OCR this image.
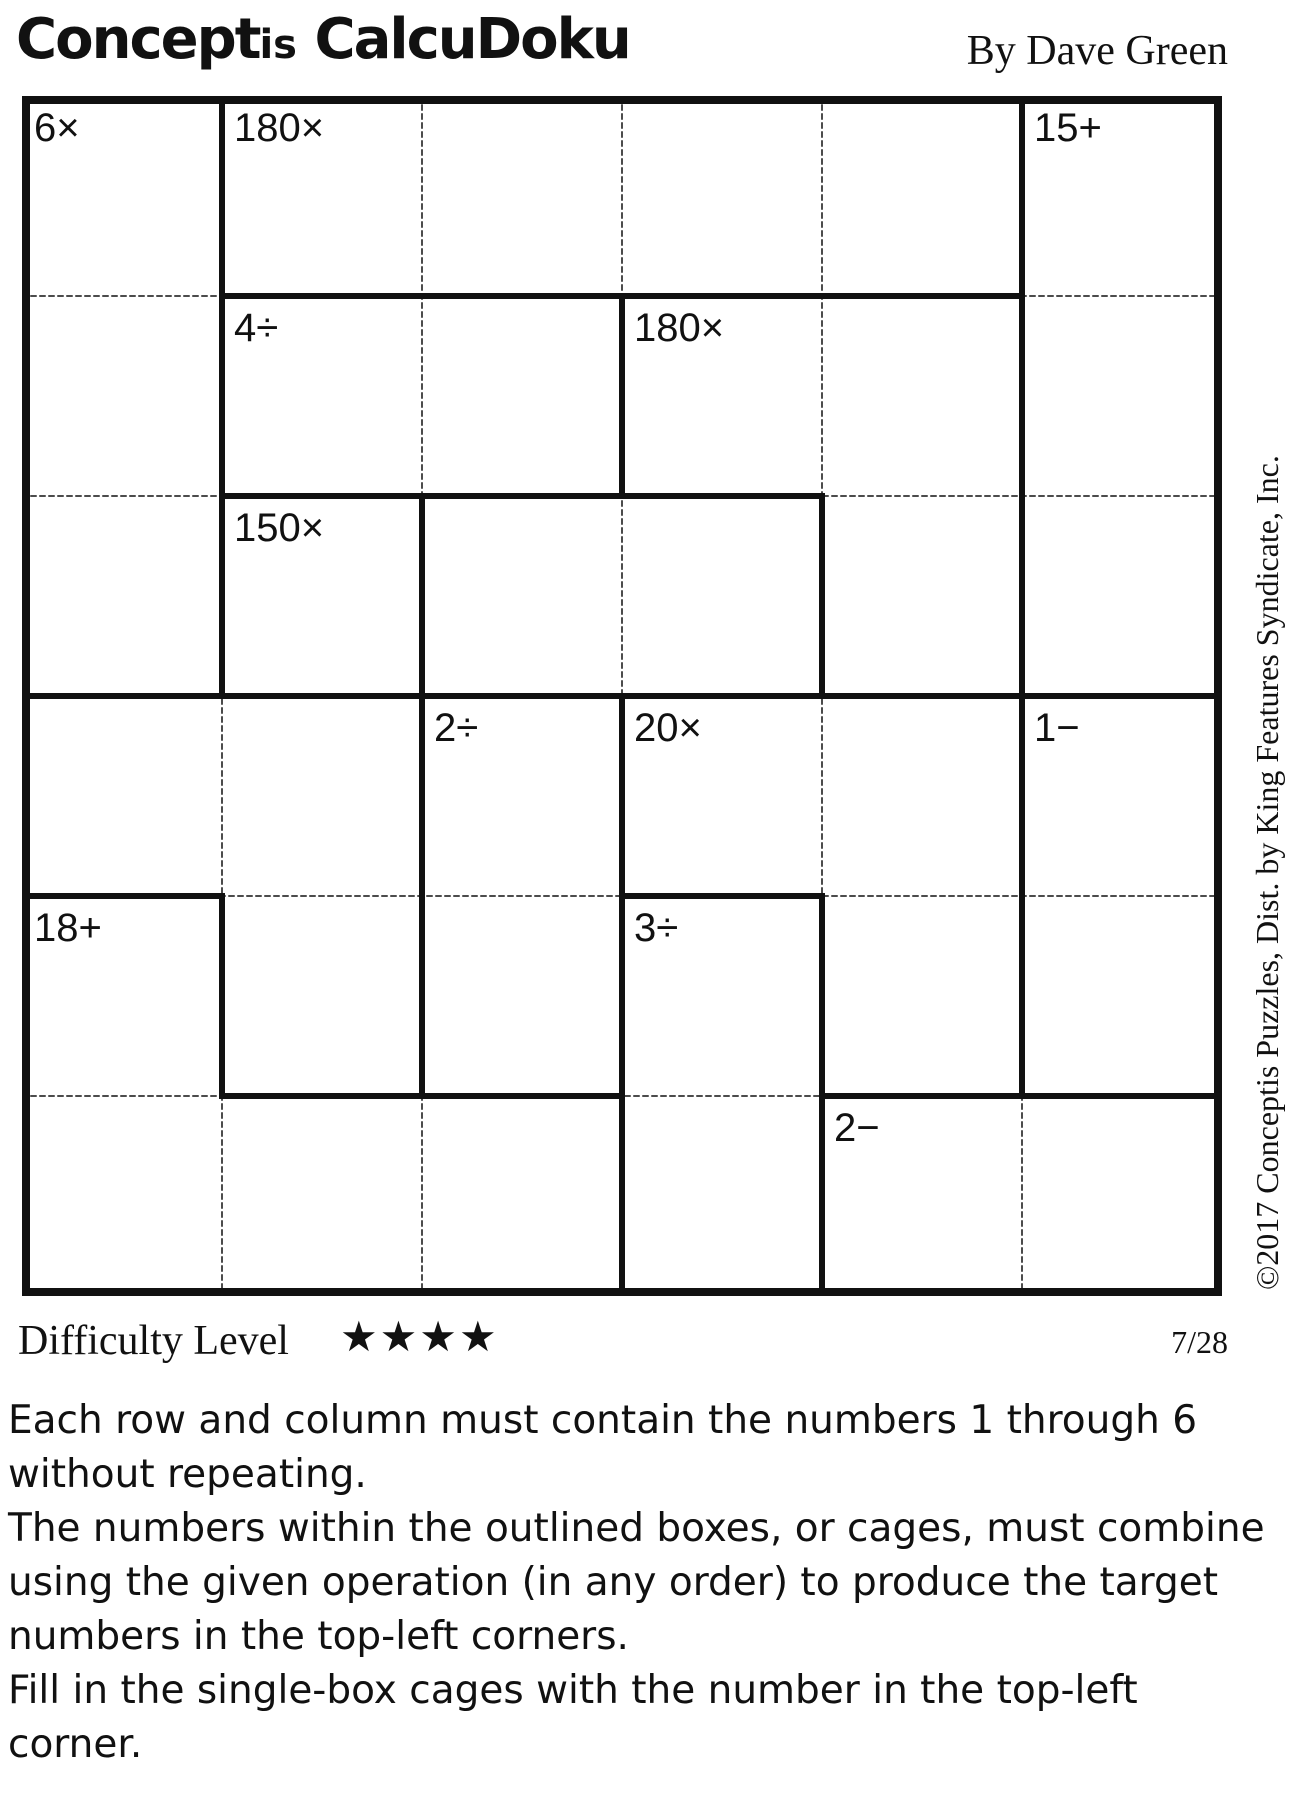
Conceptis CalcuDoku	By Dave Green
6×	180×	15+
4÷	180×
150×
2÷	20×	1−
18+	3÷
2−	©2017 Conceptis Puzzles, Dist. by King Features Syndicate, Inc.
Difficulty Level ★★★★	7/28

Each row and column must contain the numbers 1 through 6 without repeating.

The numbers within the outlined boxes, or cages, must combine using the given operation (in any order) to produce the target numbers in the top-left corners.

Fill in the single-box cages with the number in the top-left corner.
